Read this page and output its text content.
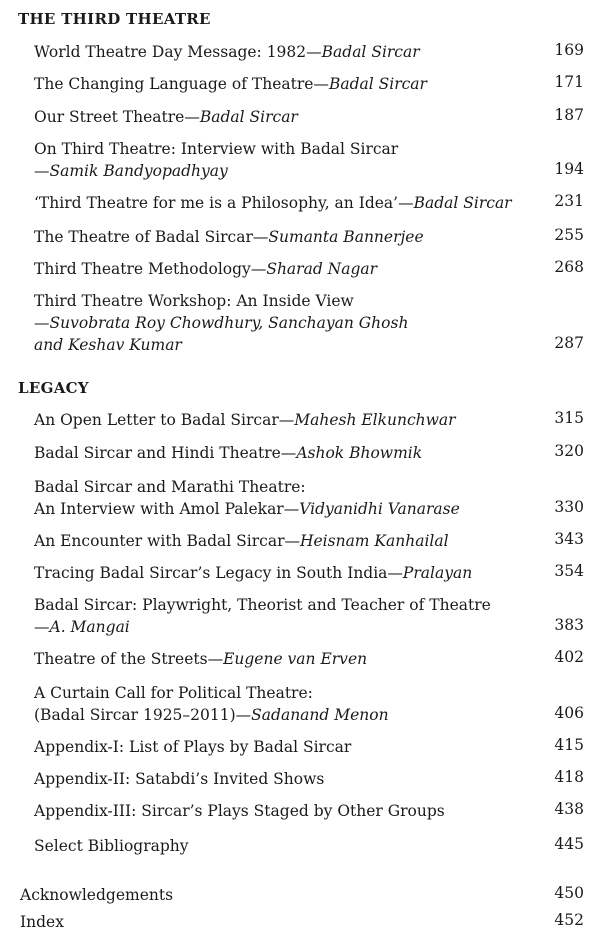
THE THIRD THEATRE
World Theatre Day Message: 1982—Badal Sircar	169
The Changing Language of Theatre—Badal Sircar	171
Our Street Theatre—Badal Sircar	187
On Third Theatre: Interview with Badal Sircar
—Samik Bandyopadhyay	194
‘Third Theatre for me is a Philosophy, an Idea’—Badal Sircar	231
The Theatre of Badal Sircar—Sumanta Bannerjee	255
Third Theatre Methodology—Sharad Nagar	268
Third Theatre Workshop: An Inside View
—Suvobrata Roy Chowdhury, Sanchayan Ghosh
and Keshav Kumar	287
LEGACY
An Open Letter to Badal Sircar—Mahesh Elkunchwar	315
Badal Sircar and Hindi Theatre—Ashok Bhowmik	320
Badal Sircar and Marathi Theatre:
An Interview with Amol Palekar—Vidyanidhi Vanarase	330
An Encounter with Badal Sircar—Heisnam Kanhailal	343
Tracing Badal Sircar’s Legacy in South India—Pralayan	354
Badal Sircar: Playwright, Theorist and Teacher of Theatre
—A. Mangai	383
Theatre of the Streets—Eugene van Erven	402
A Curtain Call for Political Theatre:
(Badal Sircar 1925–2011)—Sadanand Menon	406
Appendix-I: List of Plays by Badal Sircar	415
Appendix-II: Satabdi’s Invited Shows	418
Appendix-III: Sircar’s Plays Staged by Other Groups	438
Select Bibliography	445
Acknowledgements	450
Index	452
